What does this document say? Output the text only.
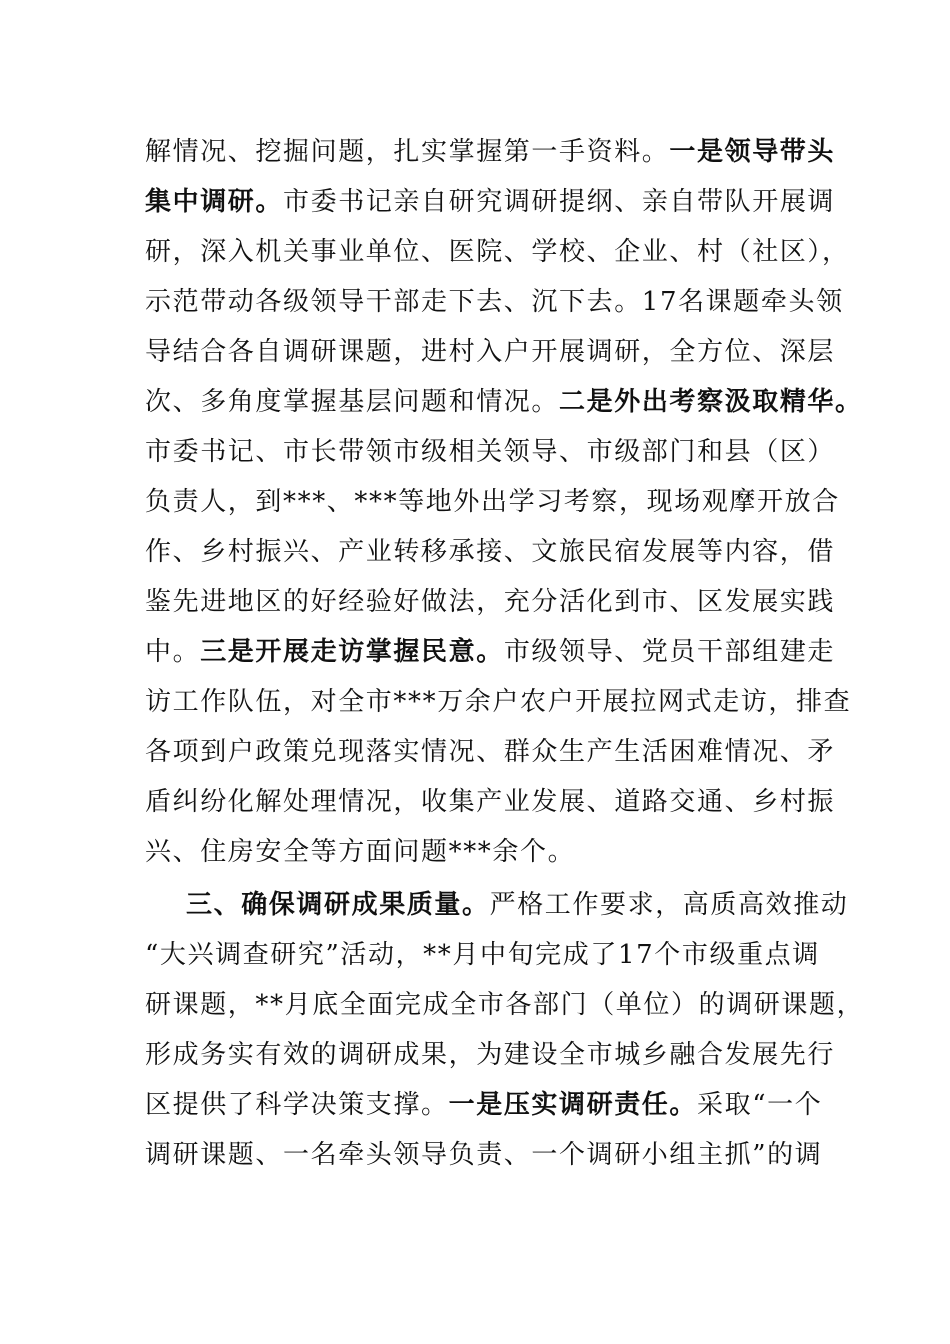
解情况、挖掘问题，扎实掌握第一手资料。一是领导带头
集中调研。市委书记亲自研究调研提纲、亲自带队开展调
研，深入机关事业单位、医院、学校、企业、村（社区），
示范带动各级领导干部走下去、沉下去。17名课题牵头领
导结合各自调研课题，进村入户开展调研，全方位、深层
次、多角度掌握基层问题和情况。二是外出考察汲取精华。
市委书记、市长带领市级相关领导、市级部门和县（区）
负责人，到***、***等地外出学习考察，现场观摩开放合
作、乡村振兴、产业转移承接、文旅民宿发展等内容，借
鉴先进地区的好经验好做法，充分活化到市、区发展实践
中。三是开展走访掌握民意。市级领导、党员干部组建走
访工作队伍，对全市***万余户农户开展拉网式走访，排查
各项到户政策兑现落实情况、群众生产生活困难情况、矛
盾纠纷化解处理情况，收集产业发展、道路交通、乡村振
兴、住房安全等方面问题***余个。
三、确保调研成果质量。严格工作要求，高质高效推动
“大兴调查研究”活动，**月中旬完成了17个市级重点调
研课题，**月底全面完成全市各部门（单位）的调研课题，
形成务实有效的调研成果，为建设全市城乡融合发展先行
区提供了科学决策支撑。一是压实调研责任。采取“一个
调研课题、一名牵头领导负责、一个调研小组主抓”的调
